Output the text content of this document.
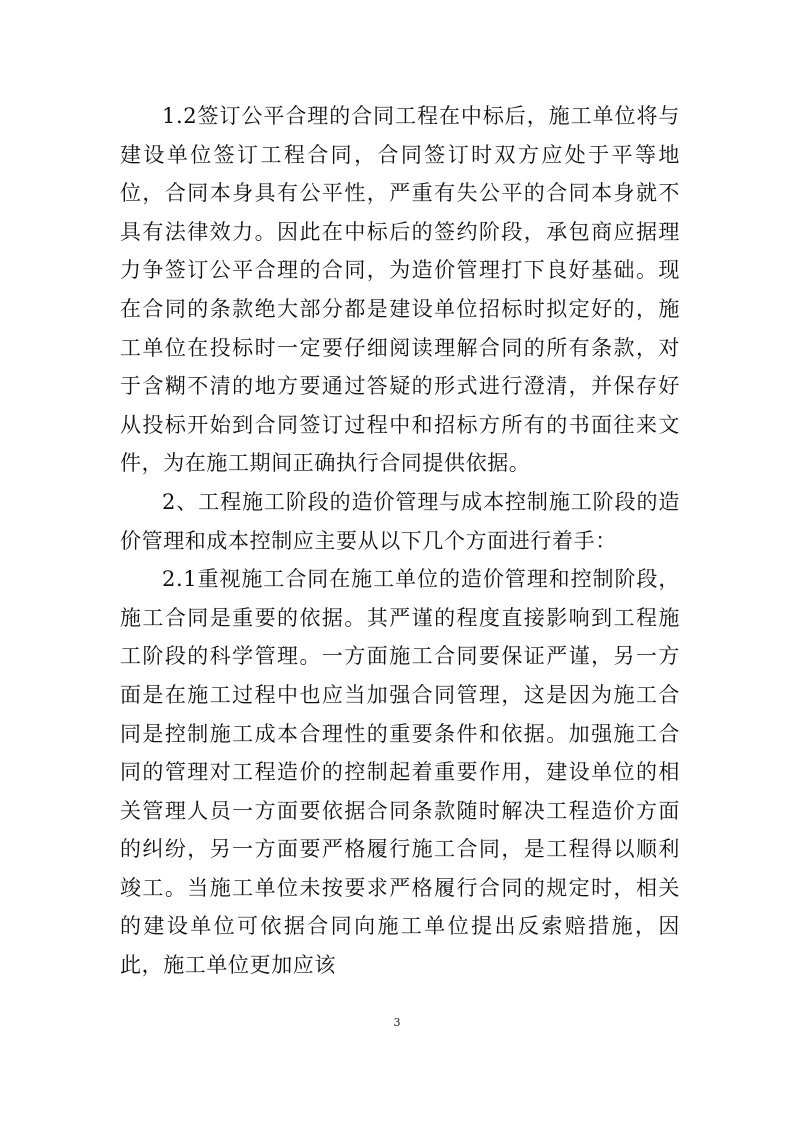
1.2签订公平合理的合同工程在中标后，施工单位将与建设单位签订工程合同，合同签订时双方应处于平等地位，合同本身具有公平性，严重有失公平的合同本身就不具有法律效力。因此在中标后的签约阶段，承包商应据理力争签订公平合理的合同，为造价管理打下良好基础。现在合同的条款绝大部分都是建设单位招标时拟定好的，施工单位在投标时一定要仔细阅读理解合同的所有条款，对于含糊不清的地方要通过答疑的形式进行澄清，并保存好从投标开始到合同签订过程中和招标方所有的书面往来文件，为在施工期间正确执行合同提供依据。

2、工程施工阶段的造价管理与成本控制施工阶段的造价管理和成本控制应主要从以下几个方面进行着手：

2.1重视施工合同在施工单位的造价管理和控制阶段，施工合同是重要的依据。其严谨的程度直接影响到工程施工阶段的科学管理。一方面施工合同要保证严谨，另一方面是在施工过程中也应当加强合同管理，这是因为施工合同是控制施工成本合理性的重要条件和依据。加强施工合同的管理对工程造价的控制起着重要作用，建设单位的相关管理人员一方面要依据合同条款随时解决工程造价方面的纠纷，另一方面要严格履行施工合同，是工程得以顺利竣工。当施工单位未按要求严格履行合同的规定时，相关的建设单位可依据合同向施工单位提出反索赔措施，因此，施工单位更加应该

3
